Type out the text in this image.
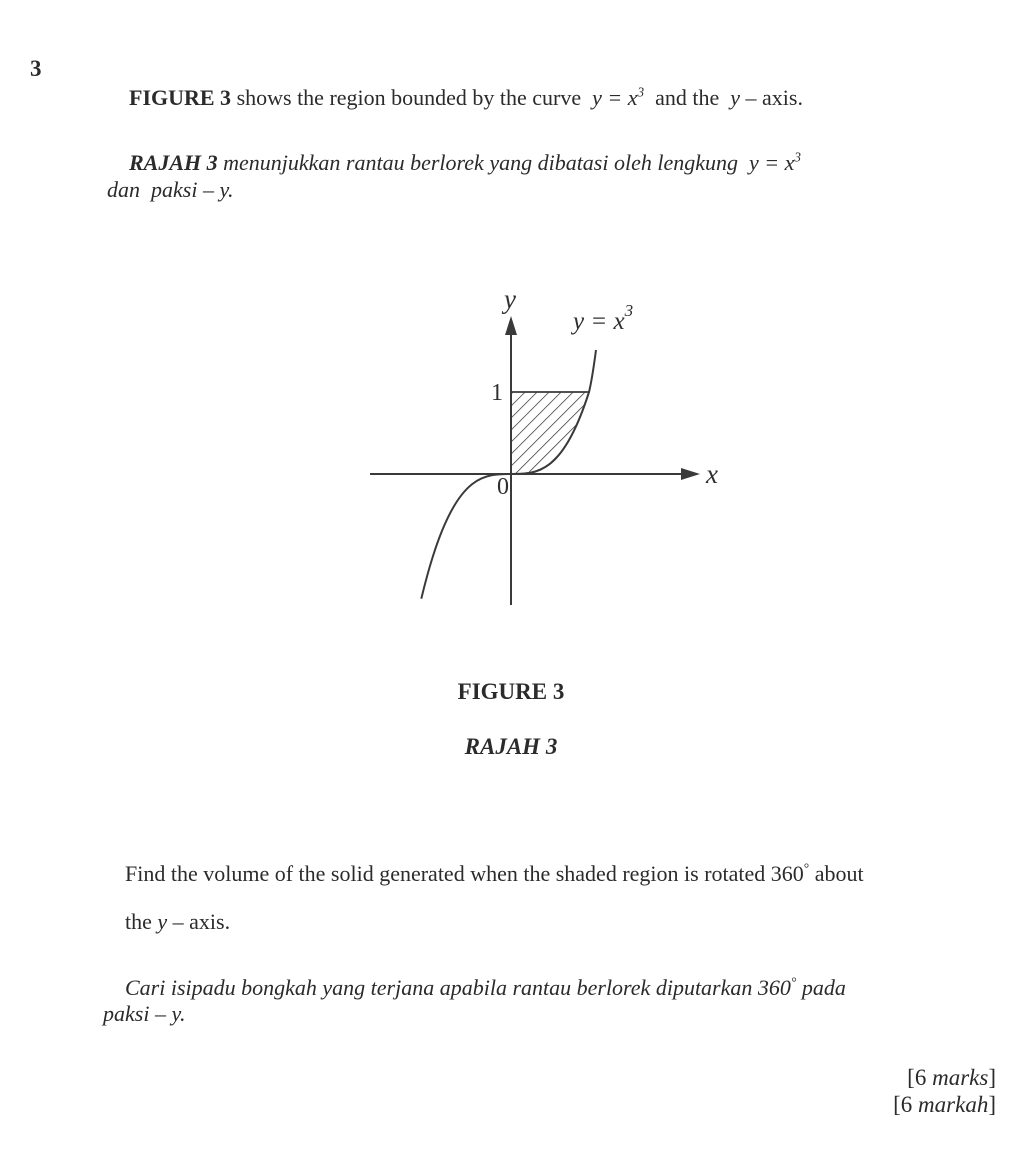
3

FIGURE 3 shows the region bounded by the curve  $y = x^3$  and the  y – axis.

RAJAH 3 menunjukkan rantau berlorek yang dibatasi oleh lengkung  $y = x^3$

dan  paksi – y.
y
x
$y = x^3$
1
0
FIGURE 3
RAJAH 3

Find the volume of the solid generated when the shaded region is rotated 360° about

the y – axis.

Cari isipadu bongkah yang terjana apabila rantau berlorek diputarkan 360° pada

paksi – y.

[6 marks]

[6 markah]
